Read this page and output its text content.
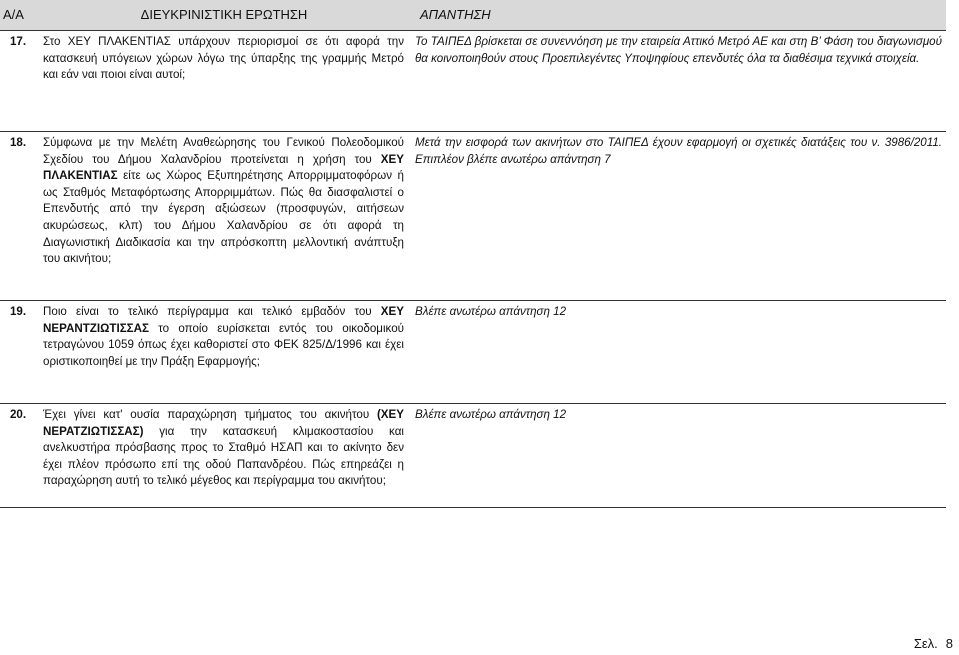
A/A	ΔΙΕΥΚΡΙΝΙΣΤΙΚΗ ΕΡΩΤΗΣΗ	ΑΠΑΝΤΗΣΗ
17.	Στο ΧΕΥ ΠΛΑΚΕΝΤΙΑΣ υπάρχουν περιορισμοί σε ότι αφορά την κατασκευή υπόγειων χώρων λόγω της ύπαρξης της γραμμής Μετρό και εάν ναι ποιοι είναι αυτοί;	Το ΤΑΙΠΕΔ βρίσκεται σε συνεννόηση με την εταιρεία Αττικό Μετρό ΑΕ και στη Β’ Φάση του διαγωνισμού θα κοινοποιηθούν στους Προεπιλεγέντες Υποψηφίους επενδυτές όλα τα διαθέσιμα τεχνικά στοιχεία.
18.	Σύμφωνα με την Μελέτη Αναθεώρησης του Γενικού Πολεοδομικού Σχεδίου του Δήμου Χαλανδρίου προτείνεται η χρήση του ΧΕΥ ΠΛΑΚΕΝΤΙΑΣ είτε ως Χώρος Εξυπηρέτησης Απορριμματοφόρων ή ως Σταθμός Μεταφόρτωσης Απορριμμάτων. Πώς θα διασφαλιστεί ο Επενδυτής από την έγερση αξιώσεων (προσφυγών, αιτήσεων ακυρώσεως, κλπ) του Δήμου Χαλανδρίου σε ότι αφορά τη Διαγωνιστική Διαδικασία και την απρόσκοπτη μελλοντική ανάπτυξη του ακινήτου;	Μετά την εισφορά των ακινήτων στο ΤΑΙΠΕΔ έχουν εφαρμογή οι σχετικές διατάξεις του ν. 3986/2011. Επιπλέον βλέπε ανωτέρω απάντηση 7
19.	Ποιο είναι το τελικό περίγραμμα και τελικό εμβαδόν του ΧΕΥ ΝΕΡΑΝΤΖΙΩΤΙΣΣΑΣ το οποίο ευρίσκεται εντός του οικοδομικού τετραγώνου 1059 όπως έχει καθοριστεί στο ΦΕΚ 825/Δ/1996 και έχει οριστικοποιηθεί με την Πράξη Εφαρμογής;	Βλέπε ανωτέρω απάντηση 12
20.	Έχει γίνει κατ' ουσία παραχώρηση τμήματος του ακινήτου (ΧΕΥ ΝΕΡΑΤΖΙΩΤΙΣΣΑΣ) για την κατασκευή κλιμακοστασίου και ανελκυστήρα πρόσβασης προς το Σταθμό ΗΣΑΠ και το ακίνητο δεν έχει πλέον πρόσωπο επί της οδού Παπανδρέου. Πώς επηρεάζει η παραχώρηση αυτή το τελικό μέγεθος και περίγραμμα του ακινήτου;	Βλέπε ανωτέρω απάντηση 12
Σελ. 8
